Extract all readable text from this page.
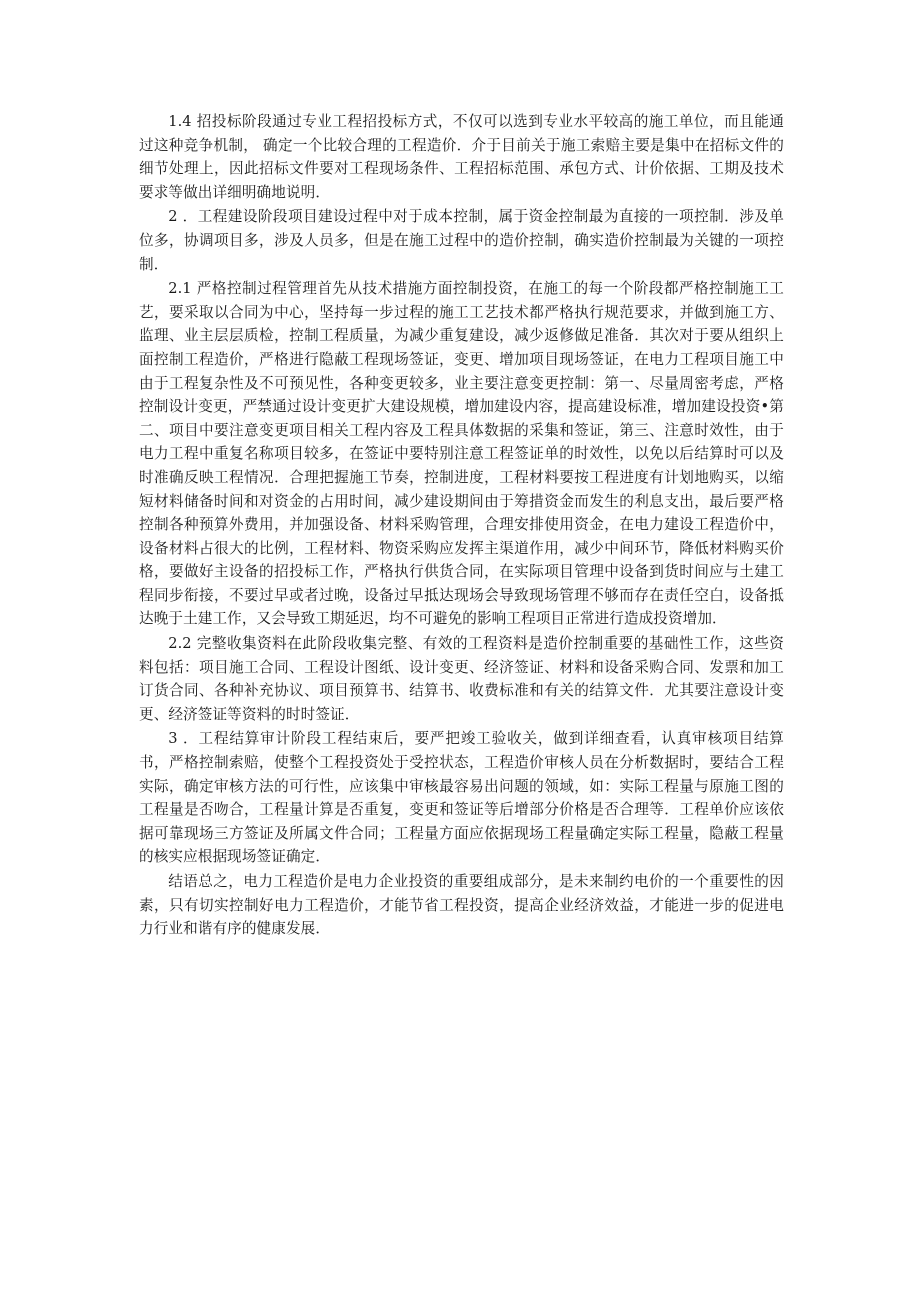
1.4 招投标阶段通过专业工程招投标方式，不仅可以选到专业水平较高的施工单位，而且能通过这种竞争机制， 确定一个比较合理的工程造价．介于目前关于施工索赔主要是集中在招标文件的细节处理上，因此招标文件要对工程现场条件、工程招标范围、承包方式、计价依据、工期及技术要求等做出详细明确地说明．

2 ．工程建设阶段项目建设过程中对于成本控制，属于资金控制最为直接的一项控制．涉及单位多，协调项目多，涉及人员多，但是在施工过程中的造价控制，确实造价控制最为关键的一项控制．

2.1 严格控制过程管理首先从技术措施方面控制投资，在施工的每一个阶段都严格控制施工工艺，要采取以合同为中心，坚持每一步过程的施工工艺技术都严格执行规范要求，并做到施工方、监理、业主层层质检，控制工程质量，为减少重复建设，减少返修做足准备．其次对于要从组织上面控制工程造价，严格进行隐蔽工程现场签证，变更、增加项目现场签证，在电力工程项目施工中由于工程复杂性及不可预见性，各种变更较多，业主要注意变更控制：第一、尽量周密考虑，严格控制设计变更，严禁通过设计变更扩大建设规模，增加建设内容，提高建设标准，增加建设投资•第二、项目中要注意变更项目相关工程内容及工程具体数据的采集和签证，第三、注意时效性，由于电力工程中重复名称项目较多，在签证中要特别注意工程签证单的时效性，以免以后结算时可以及时准确反映工程情况．合理把握施工节奏，控制进度，工程材料要按工程进度有计划地购买，以缩短材料储备时间和对资金的占用时间，减少建设期间由于筹措资金而发生的利息支出，最后要严格控制各种预算外费用，并加强设备、材料采购管理，合理安排使用资金，在电力建设工程造价中，设备材料占很大的比例，工程材料、物资采购应发挥主渠道作用，减少中间环节，降低材料购买价格，要做好主设备的招投标工作，严格执行供货合同，在实际项目管理中设备到货时间应与土建工程同步衔接，不要过早或者过晚，设备过早抵达现场会导致现场管理不够而存在责任空白，设备抵达晚于土建工作，又会导致工期延迟，均不可避免的影响工程项目正常进行造成投资增加．

2.2 完整收集资料在此阶段收集完整、有效的工程资料是造价控制重要的基础性工作，这些资料包括：项目施工合同、工程设计图纸、设计变更、经济签证、材料和设备采购合同、发票和加工订货合同、各种补充协议、项目预算书、结算书、收费标准和有关的结算文件．尤其要注意设计变更、经济签证等资料的时时签证．

3 ．工程结算审计阶段工程结束后，要严把竣工验收关，做到详细查看，认真审核项目结算书，严格控制索赔，使整个工程投资处于受控状态，工程造价审核人员在分析数据时，要结合工程实际，确定审核方法的可行性，应该集中审核最容易出问题的领域，如：实际工程量与原施工图的工程量是否吻合，工程量计算是否重复，变更和签证等后增部分价格是否合理等．工程单价应该依据可靠现场三方签证及所属文件合同；工程量方面应依据现场工程量确定实际工程量，隐蔽工程量的核实应根据现场签证确定．

结语总之，电力工程造价是电力企业投资的重要组成部分，是未来制约电价的一个重要性的因素，只有切实控制好电力工程造价，才能节省工程投资，提高企业经济效益，才能进一步的促进电力行业和谐有序的健康发展．
